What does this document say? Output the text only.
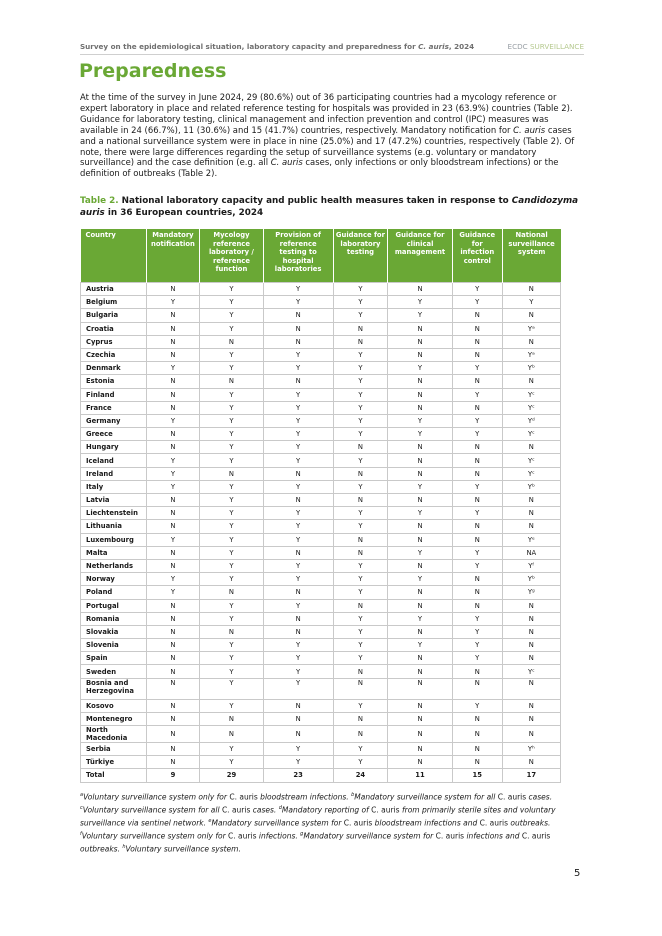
Survey on the epidemiological situation, laboratory capacity and preparedness for C. auris, 2024	ECDC SURVEILLANCE
Preparedness
At the time of the survey in June 2024, 29 (80.6%) out of 36 participating countries had a mycology reference or expert laboratory in place and related reference testing for hospitals was provided in 23 (63.9%) countries (Table 2). Guidance for laboratory testing, clinical management and infection prevention and control (IPC) measures was available in 24 (66.7%), 11 (30.6%) and 15 (41.7%) countries, respectively. Mandatory notification for C. auris cases and a national surveillance system were in place in nine (25.0%) and 17 (47.2%) countries, respectively (Table 2). Of note, there were large differences regarding the setup of surveillance systems (e.g. voluntary or mandatory surveillance) and the case definition (e.g. all C. auris cases, only infections or only bloodstream infections) or the definition of outbreaks (Table 2).
Table 2. National laboratory capacity and public health measures taken in response to Candidozyma auris in 36 European countries, 2024
Country	Mandatory notification	Mycology reference laboratory / reference function	Provision of reference testing to hospital laboratories	Guidance for laboratory testing	Guidance for clinical management	Guidance for infection control	National surveillance system
Austria	N	Y	Y	Y	N	Y	N
Belgium	Y	Y	Y	Y	Y	Y	Y
Bulgaria	N	Y	N	Y	Y	N	N
Croatia	N	Y	N	N	N	N	Yᵃ
Cyprus	N	N	N	N	N	N	N
Czechia	N	Y	Y	Y	N	N	Yᵃ
Denmark	Y	Y	Y	Y	Y	Y	Yᵇ
Estonia	N	N	N	Y	N	N	N
Finland	N	Y	Y	Y	N	Y	Yᶜ
France	N	Y	Y	Y	N	N	Yᶜ
Germany	Y	Y	Y	Y	Y	Y	Yᵈ
Greece	N	Y	Y	Y	Y	Y	Yᶜ
Hungary	N	Y	Y	N	N	N	N
Iceland	Y	Y	Y	Y	N	N	Yᶜ
Ireland	Y	N	N	N	N	N	Yᶜ
Italy	Y	Y	Y	Y	Y	Y	Yᵇ
Latvia	N	Y	N	N	N	N	N
Liechtenstein	N	Y	Y	Y	Y	Y	N
Lithuania	N	Y	Y	Y	N	N	N
Luxembourg	Y	Y	Y	N	N	N	Yᵉ
Malta	N	Y	N	N	Y	Y	NA
Netherlands	N	Y	Y	Y	N	Y	Yᶠ
Norway	Y	Y	Y	Y	Y	N	Yᵇ
Poland	Y	N	N	Y	N	N	Yᵍ
Portugal	N	Y	Y	N	N	N	N
Romania	N	Y	N	Y	Y	Y	N
Slovakia	N	N	N	Y	N	Y	N
Slovenia	N	Y	Y	Y	Y	Y	N
Spain	N	Y	Y	Y	N	Y	N
Sweden	N	Y	Y	N	N	N	Yᶜ
Bosnia and Herzegovina	N	Y	Y	N	N	N	N
Kosovo	N	Y	N	Y	N	Y	N
Montenegro	N	N	N	N	N	N	N
North Macedonia	N	N	N	N	N	N	N
Serbia	N	Y	Y	Y	N	N	Yʰ
Türkiye	N	Y	Y	Y	N	N	N
Total	9	29	23	24	11	15	17
$^a$Voluntary surveillance system only for C. auris bloodstream infections. $^b$Mandatory surveillance system for all C. auris cases. $^c$Voluntary surveillance system for all C. auris cases. $^d$Mandatory reporting of C. auris from primarily sterile sites and voluntary surveillance via sentinel network. $^e$Mandatory surveillance system for C. auris bloodstream infections and C. auris outbreaks. $^f$Voluntary surveillance system only for C. auris infections. $^g$Mandatory surveillance system for C. auris infections and C. auris outbreaks. $^h$Voluntary surveillance system.
5
